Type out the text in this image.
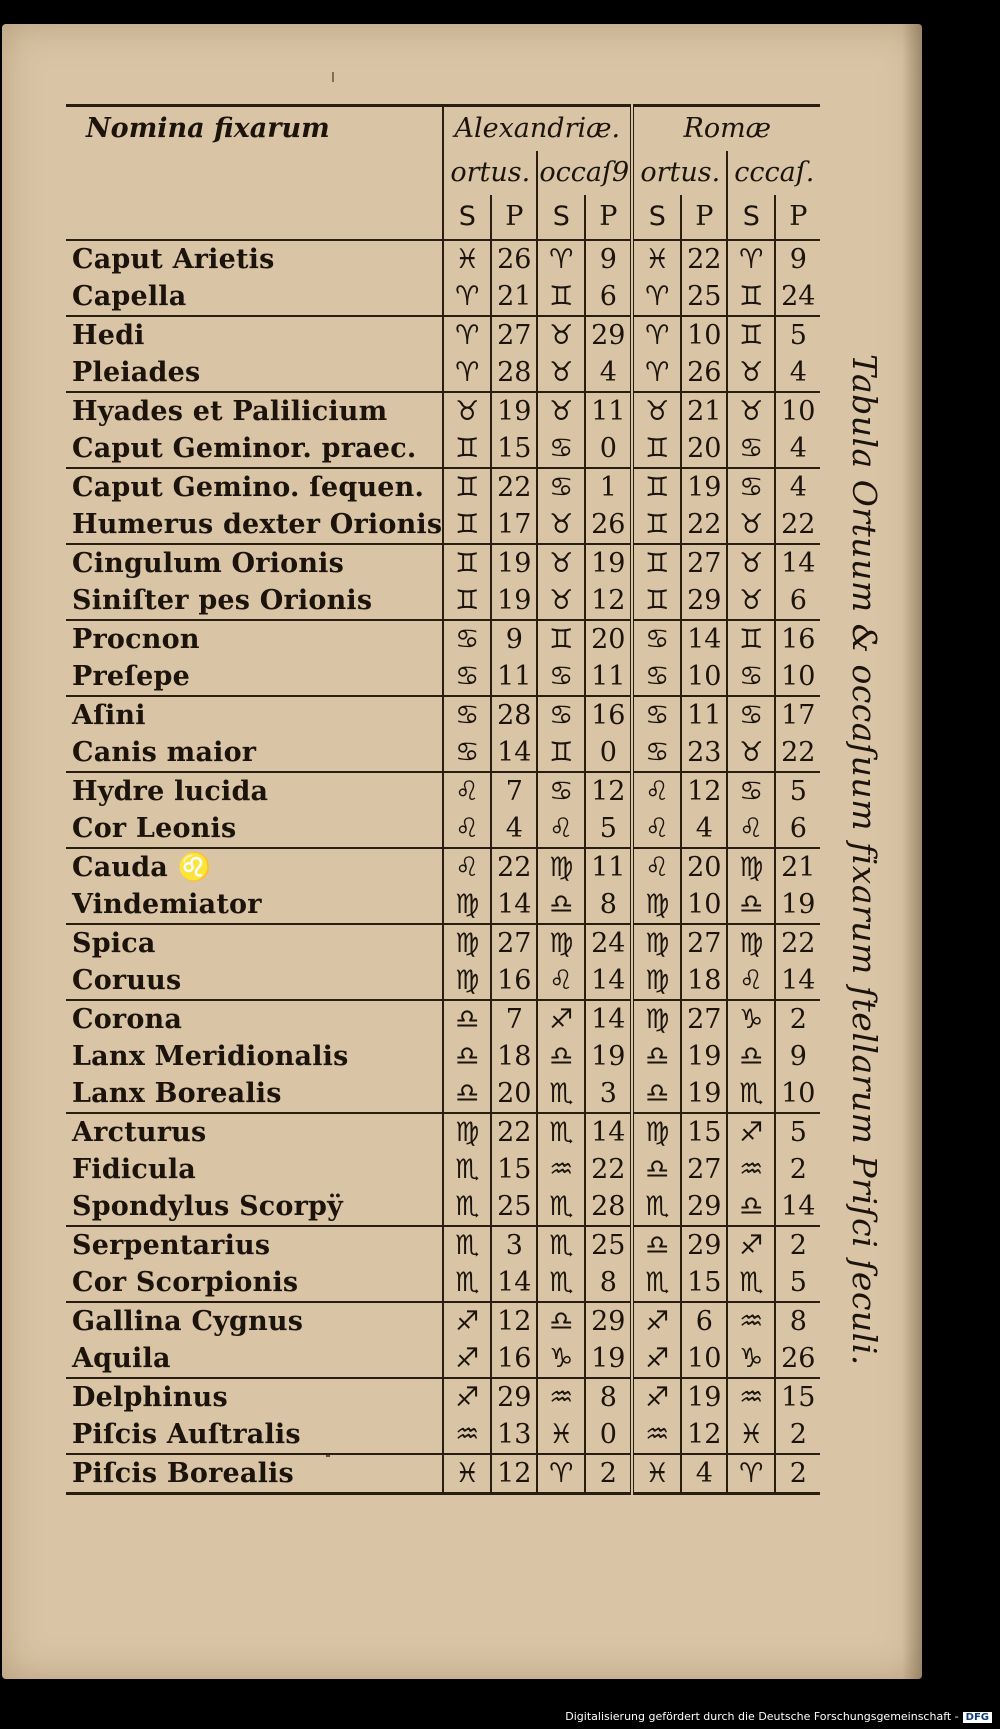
Nomina fixarum	Alexandriæ.				Romæ			
	ortus.		occaſ9		ortus.		cccaſ.	
	S	P	S	P	S	P	S	P
Caput Arietis	♓	26	♈	9	♓	22	♈	9
Capella	♈	21	♊	6	♈	25	♊	24
Hedi	♈	27	♉	29	♈	10	♊	5
Pleiades	♈	28	♉	4	♈	26	♉	4
Hyades et Palilicium	♉	19	♉	11	♉	21	♉	10
Caput Geminor. praec.	♊	15	♋	0	♊	20	♋	4
Caput Gemino. ſequen.	♊	22	♋	1	♊	19	♋	4
Humerus dexter Orionis	♊	17	♉	26	♊	22	♉	22
Cingulum Orionis	♊	19	♉	19	♊	27	♉	14
Siniſter pes Orionis	♊	19	♉	12	♊	29	♉	6
Procnon	♋	9	♊	20	♋	14	♊	16
Preſepe	♋	11	♋	11	♋	10	♋	10
Aſini	♋	28	♋	16	♋	11	♋	17
Canis maior	♋	14	♊	0	♋	23	♉	22
Hydre lucida	♌	7	♋	12	♌	12	♋	5
Cor Leonis	♌	4	♌	5	♌	4	♌	6
Cauda ♌	♌	22	♍	11	♌	20	♍	21
Vindemiator	♍	14	♎	8	♍	10	♎	19
Spica	♍	27	♍	24	♍	27	♍	22
Coruus	♍	16	♌	14	♍	18	♌	14
Corona	♎	7	♐	14	♍	27	♑	2
Lanx Meridionalis	♎	18	♎	19	♎	19	♎	9
Lanx Borealis	♎	20	♏	3	♎	19	♏	10
Arcturus	♍	22	♏	14	♍	15	♐	5
Fidicula	♏	15	♒	22	♎	27	♒	2
Spondylus Scorpÿ	♏	25	♏	28	♏	29	♎	14
Serpentarius	♏	3	♏	25	♎	29	♐	2
Cor Scorpionis	♏	14	♏	8	♏	15	♏	5
Gallina Cygnus	♐	12	♎	29	♐	6	♒	8
Aquila	♐	16	♑	19	♐	10	♑	26
Delphinus	♐	29	♒	8	♐	19	♒	15
Piſcis Auſtralis	♒	13	♓	0	♒	12	♓	2
Piſcis Borealis	♓	12	♈	2	♓	4	♈	2
Tabula Ortuum & occaſuum fixarum ſtellarum Priſci ſeculi.
Digitalisierung gefördert durch die Deutsche Forschungsgemeinschaft - DFG
